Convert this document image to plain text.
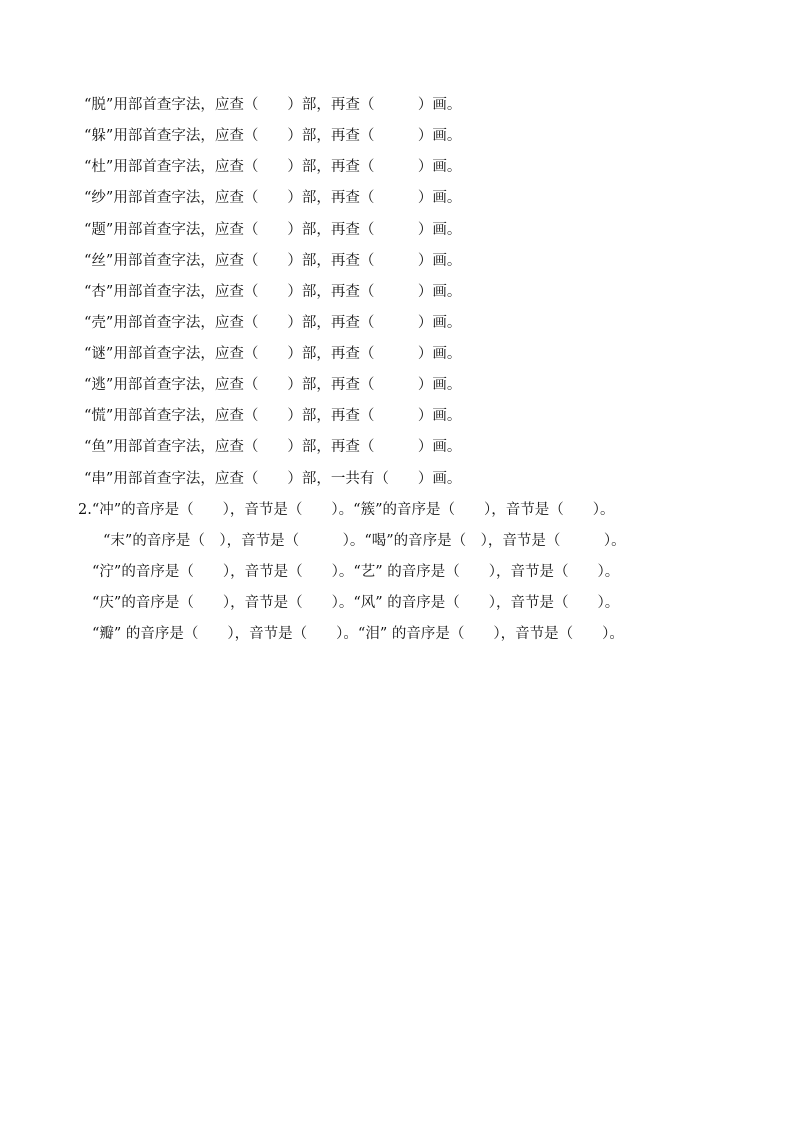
“脱”用部首查字法，应查（　　）部，再查（　　　）画。
“躲”用部首查字法，应查（　　）部，再查（　　　）画。
“杜”用部首查字法，应查（　　）部，再查（　　　）画。
“纱”用部首查字法，应查（　　）部，再查（　　　）画。
“题”用部首查字法，应查（　　）部，再查（　　　）画。
“丝”用部首查字法，应查（　　）部，再查（　　　）画。
“杏”用部首查字法，应查（　　）部，再查（　　　）画。
“壳”用部首查字法，应查（　　）部，再查（　　　）画。
“谜”用部首查字法，应查（　　）部，再查（　　　）画。
“逃”用部首查字法，应查（　　）部，再查（　　　）画。
“慌”用部首查字法，应查（　　）部，再查（　　　）画。
“鱼”用部首查字法，应查（　　）部，再查（　　　）画。
“串”用部首查字法，应查（　　）部，一共有（　　）画。
2.“冲”的音序是（　　），音节是（　　）。“簇”的音序是（　　），音节是（　　）。
“末”的音序是（　），音节是（　　　）。“喝”的音序是（　），音节是（　　　）。
“泞”的音序是（　　），音节是（　　）。“艺” 的音序是（　　），音节是（　　）。
“庆”的音序是（　　），音节是（　　）。“风” 的音序是（　　），音节是（　　）。
“瓣” 的音序是（　　），音节是（　　）。“泪” 的音序是（　　），音节是（　　）。
